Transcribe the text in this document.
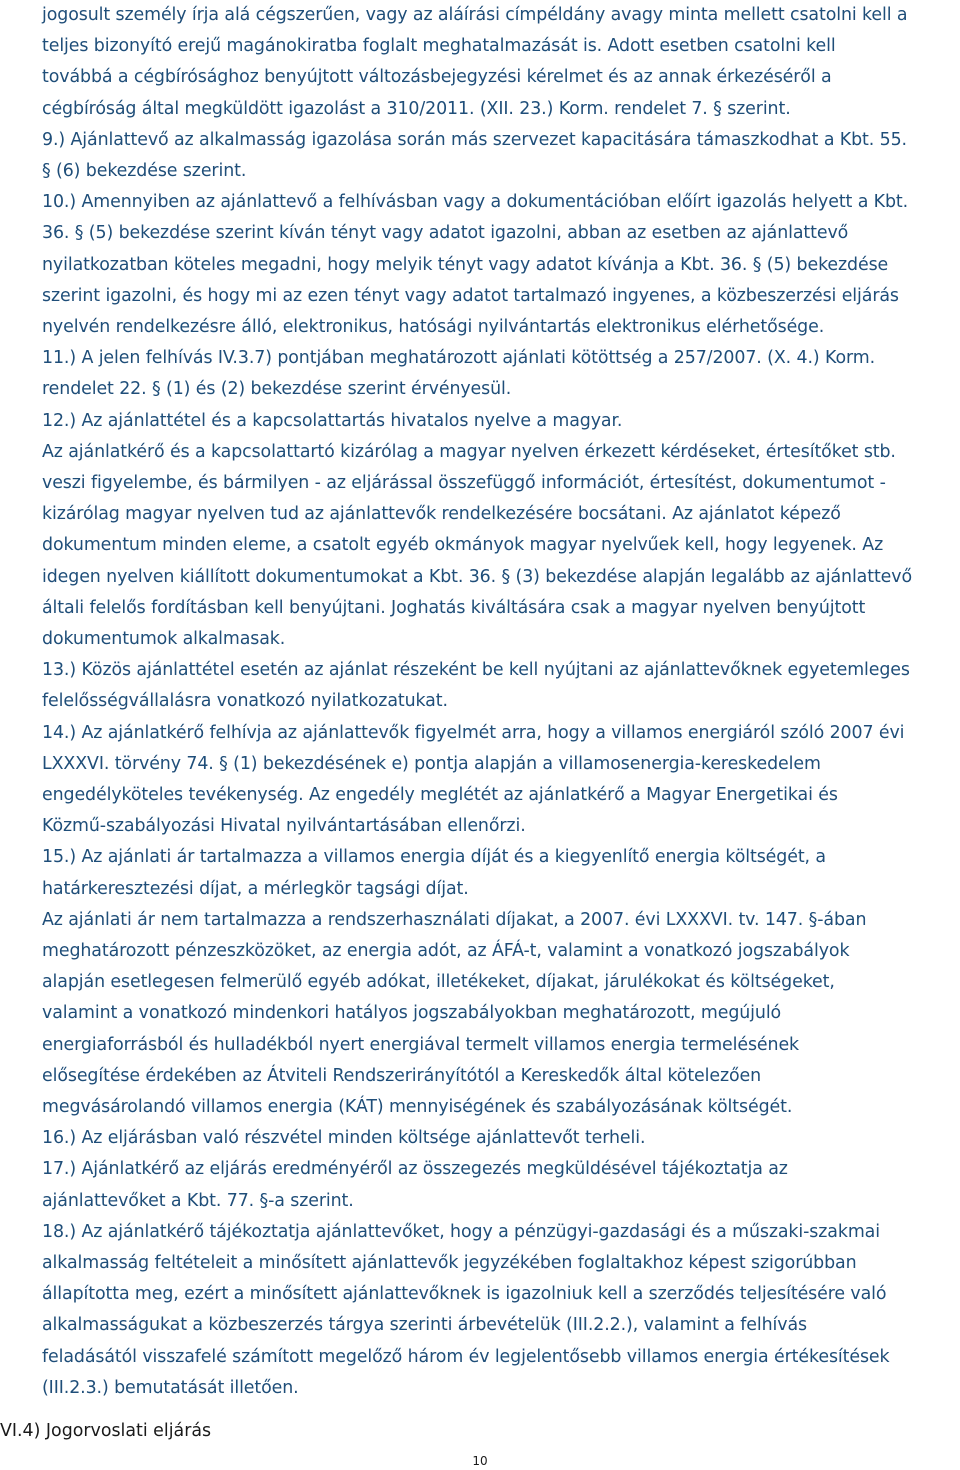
jogosult személy írja alá cégszerűen, vagy az aláírási címpéldány avagy minta mellett csatolni kell a
teljes bizonyító erejű magánokiratba foglalt meghatalmazását is. Adott esetben csatolni kell
továbbá a cégbírósághoz benyújtott változásbejegyzési kérelmet és az annak érkezéséről a
cégbíróság által megküldött igazolást a 310/2011. (XII. 23.) Korm. rendelet 7. § szerint.
9.) Ajánlattevő az alkalmasság igazolása során más szervezet kapacitására támaszkodhat a Kbt. 55.
§ (6) bekezdése szerint.
10.) Amennyiben az ajánlattevő a felhívásban vagy a dokumentációban előírt igazolás helyett a Kbt.
36. § (5) bekezdése szerint kíván tényt vagy adatot igazolni, abban az esetben az ajánlattevő
nyilatkozatban köteles megadni, hogy melyik tényt vagy adatot kívánja a Kbt. 36. § (5) bekezdése
szerint igazolni, és hogy mi az ezen tényt vagy adatot tartalmazó ingyenes, a közbeszerzési eljárás
nyelvén rendelkezésre álló, elektronikus, hatósági nyilvántartás elektronikus elérhetősége.
11.) A jelen felhívás IV.3.7) pontjában meghatározott ajánlati kötöttség a 257/2007. (X. 4.) Korm.
rendelet 22. § (1) és (2) bekezdése szerint érvényesül.
12.) Az ajánlattétel és a kapcsolattartás hivatalos nyelve a magyar.
Az ajánlatkérő és a kapcsolattartó kizárólag a magyar nyelven érkezett kérdéseket, értesítőket stb.
veszi figyelembe, és bármilyen - az eljárással összefüggő információt, értesítést, dokumentumot -
kizárólag magyar nyelven tud az ajánlattevők rendelkezésére bocsátani. Az ajánlatot képező
dokumentum minden eleme, a csatolt egyéb okmányok magyar nyelvűek kell, hogy legyenek. Az
idegen nyelven kiállított dokumentumokat a Kbt. 36. § (3) bekezdése alapján legalább az ajánlattevő
általi felelős fordításban kell benyújtani. Joghatás kiváltására csak a magyar nyelven benyújtott
dokumentumok alkalmasak.
13.) Közös ajánlattétel esetén az ajánlat részeként be kell nyújtani az ajánlattevőknek egyetemleges
felelősségvállalásra vonatkozó nyilatkozatukat.
14.) Az ajánlatkérő felhívja az ajánlattevők figyelmét arra, hogy a villamos energiáról szóló 2007 évi
LXXXVI. törvény 74. § (1) bekezdésének e) pontja alapján a villamosenergia-kereskedelem
engedélyköteles tevékenység. Az engedély meglétét az ajánlatkérő a Magyar Energetikai és
Közmű-szabályozási Hivatal nyilvántartásában ellenőrzi.
15.) Az ajánlati ár tartalmazza a villamos energia díját és a kiegyenlítő energia költségét, a
határkeresztezési díjat, a mérlegkör tagsági díjat.
Az ajánlati ár nem tartalmazza a rendszerhasználati díjakat, a 2007. évi LXXXVI. tv. 147. §-ában
meghatározott pénzeszközöket, az energia adót, az ÁFÁ-t, valamint a vonatkozó jogszabályok
alapján esetlegesen felmerülő egyéb adókat, illetékeket, díjakat, járulékokat és költségeket,
valamint a vonatkozó mindenkori hatályos jogszabályokban meghatározott, megújuló
energiaforrásból és hulladékból nyert energiával termelt villamos energia termelésének
elősegítése érdekében az Átviteli Rendszerirányítótól a Kereskedők által kötelezően
megvásárolandó villamos energia (KÁT) mennyiségének és szabályozásának költségét.
16.) Az eljárásban való részvétel minden költsége ajánlattevőt terheli.
17.) Ajánlatkérő az eljárás eredményéről az összegezés megküldésével tájékoztatja az
ajánlattevőket a Kbt. 77. §-a szerint.
18.) Az ajánlatkérő tájékoztatja ajánlattevőket, hogy a pénzügyi-gazdasági és a műszaki-szakmai
alkalmasság feltételeit a minősített ajánlattevők jegyzékében foglaltakhoz képest szigorúbban
állapította meg, ezért a minősített ajánlattevőknek is igazolniuk kell a szerződés teljesítésére való
alkalmasságukat a közbeszerzés tárgya szerinti árbevételük (III.2.2.), valamint a felhívás
feladásától visszafelé számított megelőző három év legjelentősebb villamos energia értékesítések
(III.2.3.) bemutatását illetően.
VI.4) Jogorvoslati eljárás
10
